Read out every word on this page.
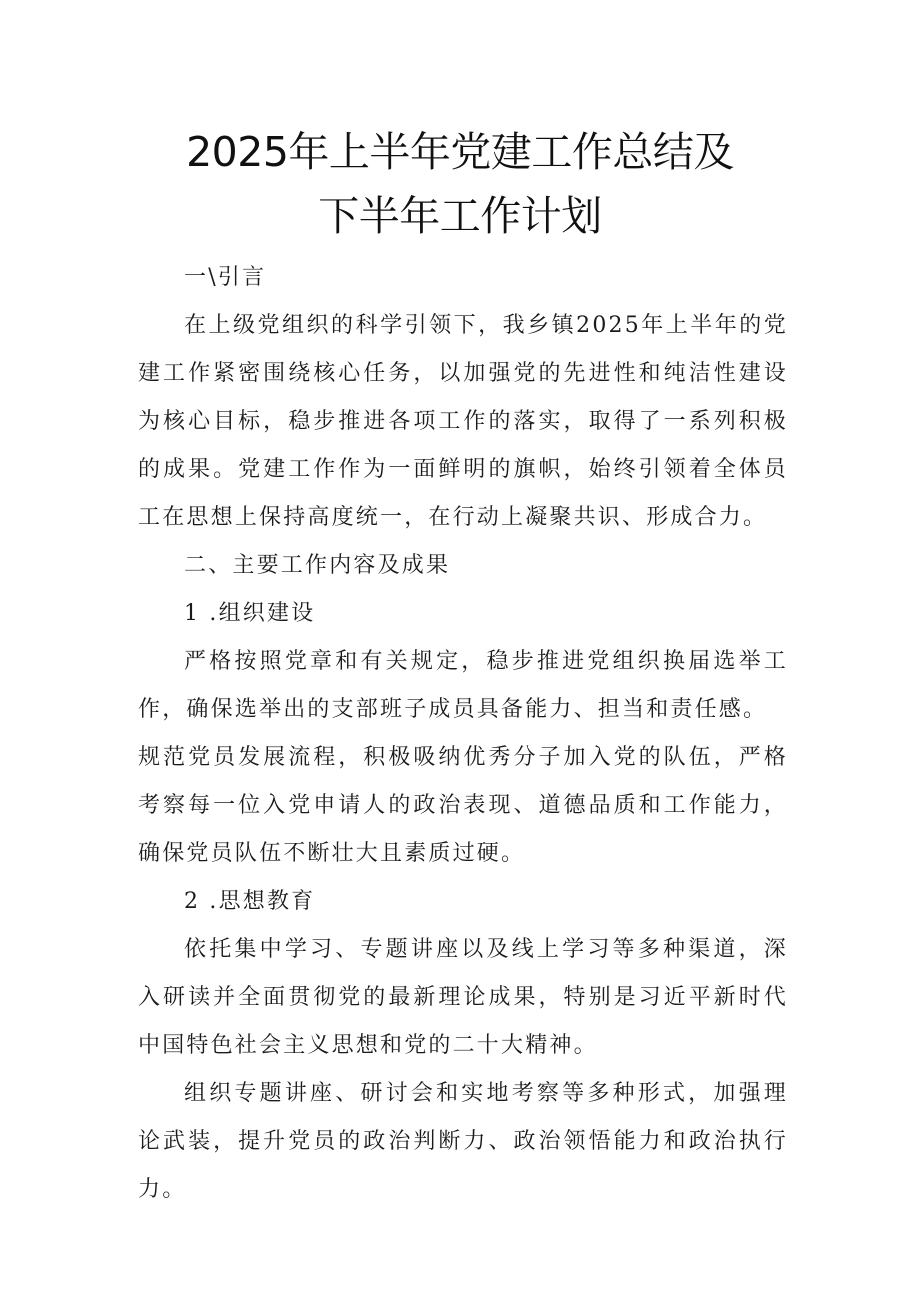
2025年上半年党建工作总结及
下半年工作计划

一\引言

在上级党组织的科学引领下，我乡镇2025年上半年的党建工作紧密围绕核心任务，以加强党的先进性和纯洁性建设为核心目标，稳步推进各项工作的落实，取得了一系列积极的成果。党建工作作为一面鲜明的旗帜，始终引领着全体员工在思想上保持高度统一，在行动上凝聚共识、形成合力。

二、主要工作内容及成果

1 .组织建设

严格按照党章和有关规定，稳步推进党组织换届选举工作，确保选举出的支部班子成员具备能力、担当和责任感。

规范党员发展流程，积极吸纳优秀分子加入党的队伍，严格考察每一位入党申请人的政治表现、道德品质和工作能力，确保党员队伍不断壮大且素质过硬。

2 .思想教育

依托集中学习、专题讲座以及线上学习等多种渠道，深入研读并全面贯彻党的最新理论成果，特别是习近平新时代中国特色社会主义思想和党的二十大精神。

组织专题讲座、研讨会和实地考察等多种形式，加强理论武装，提升党员的政治判断力、政治领悟能力和政治执行力。
